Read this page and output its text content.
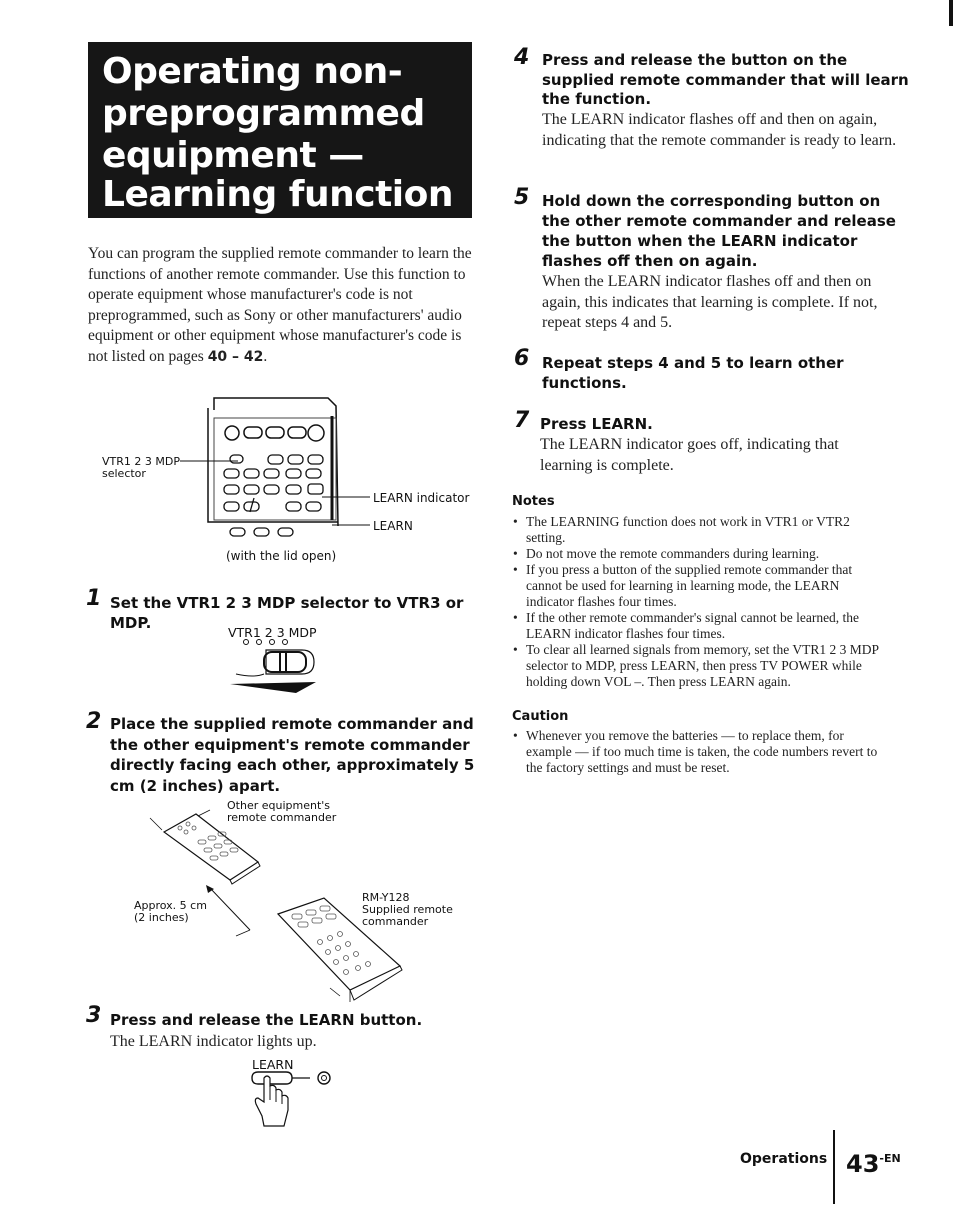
Operating non-
preprogrammed
equipment —
Learning function
You can program the supplied remote commander to learn the functions of another remote commander. Use this function to operate equipment whose manufacturer's code is not preprogrammed, such as Sony or other manufacturers' audio equipment or other equipment whose manufacturer's code is not listed on pages 40 – 42.
VTR1 2 3 MDP
selector
LEARN indicator
LEARN
(with the lid open)
1 Set the VTR1 2 3 MDP selector to VTR3 or MDP.
VTR1 2 3 MDP
2 Place the supplied remote commander and the other equipment's remote commander directly facing each other, approximately 5 cm (2 inches) apart.
Other equipment's
remote commander
Approx. 5 cm
(2 inches)
RM-Y128
Supplied remote
commander
3 Press and release the LEARN button.
The LEARN indicator lights up.
LEARN
4 Press and release the button on the supplied remote commander that will learn the function.
The LEARN indicator flashes off and then on again, indicating that the remote commander is ready to learn.
5 Hold down the corresponding button on the other remote commander and release the button when the LEARN indicator flashes off then on again.
When the LEARN indicator flashes off and then on again, this indicates that learning is complete. If not, repeat steps 4 and 5.
6 Repeat steps 4 and 5 to learn other functions.
7 Press LEARN.
The LEARN indicator goes off, indicating that learning is complete.
Notes
• The LEARNING function does not work in VTR1 or VTR2 setting.
• Do not move the remote commanders during learning.
• If you press a button of the supplied remote commander that cannot be used for learning in learning mode, the LEARN indicator flashes four times.
• If the other remote commander's signal cannot be learned, the LEARN indicator flashes four times.
• To clear all learned signals from memory, set the VTR1 2 3 MDP selector to MDP, press LEARN, then press TV POWER while holding down VOL –. Then press LEARN again.
Caution
• Whenever you remove the batteries — to replace them, for example — if too much time is taken, the code numbers revert to the factory settings and must be reset.
Operations $43^{-EN}$
